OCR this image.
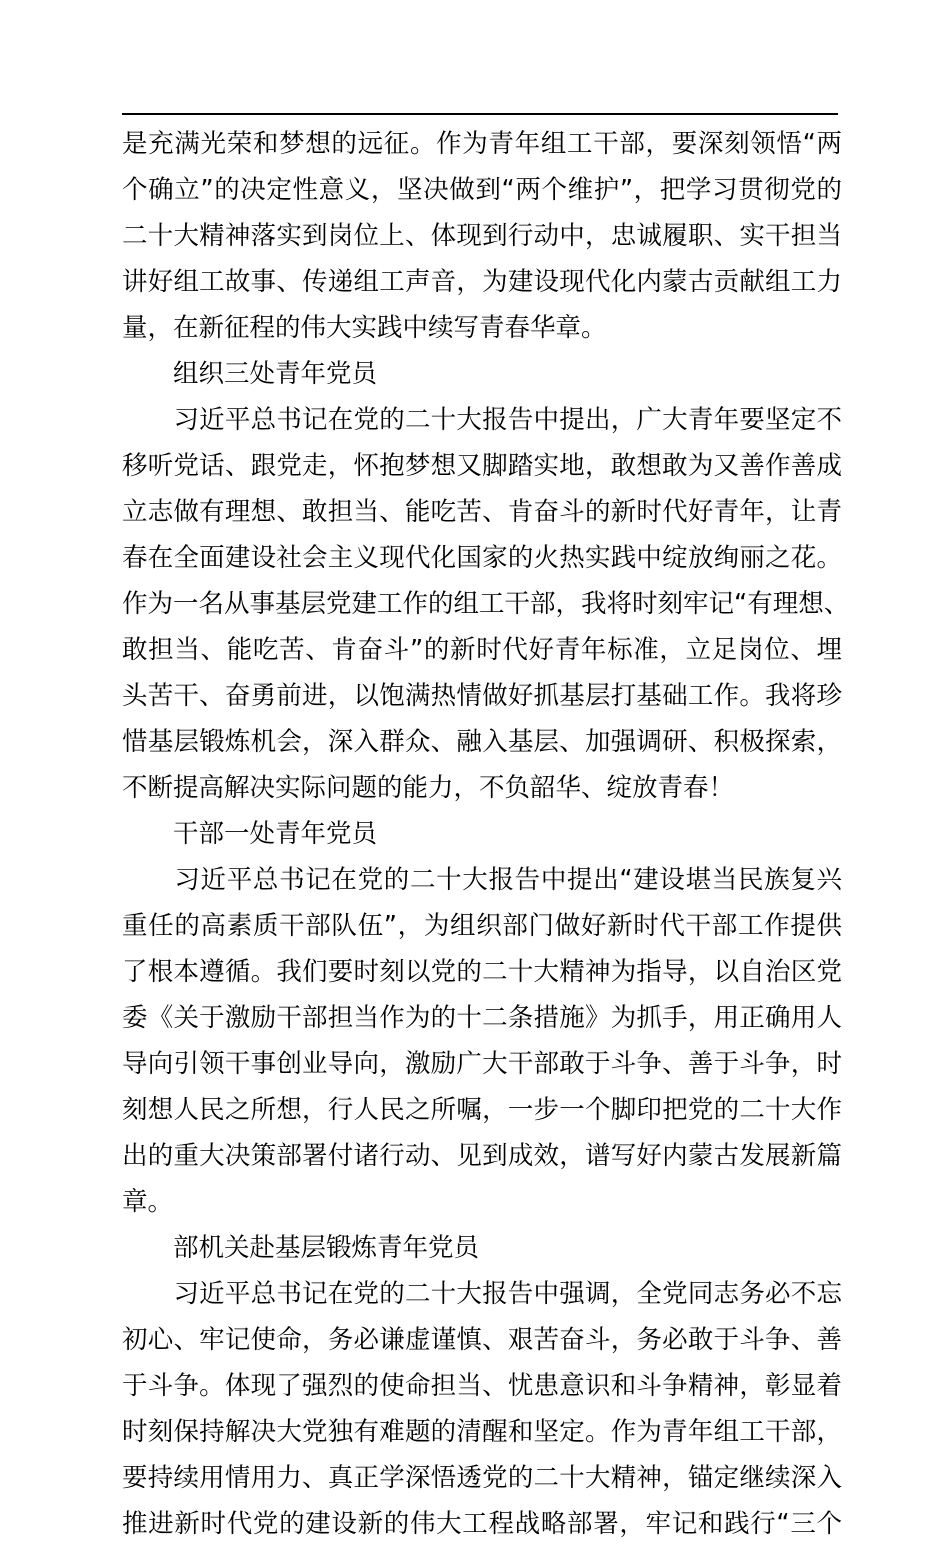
是充满光荣和梦想的远征。作为青年组工干部，要深刻领悟“两
个确立”的决定性意义，坚决做到“两个维护”，把学习贯彻党的
二十大精神落实到岗位上、体现到行动中，忠诚履职、实干担当
讲好组工故事、传递组工声音，为建设现代化内蒙古贡献组工力
量，在新征程的伟大实践中续写青春华章。
组织三处青年党员
　　习近平总书记在党的二十大报告中提出，广大青年要坚定不
移听党话、跟党走，怀抱梦想又脚踏实地，敢想敢为又善作善成
立志做有理想、敢担当、能吃苦、肯奋斗的新时代好青年，让青
春在全面建设社会主义现代化国家的火热实践中绽放绚丽之花。
作为一名从事基层党建工作的组工干部，我将时刻牢记“有理想、
敢担当、能吃苦、肯奋斗”的新时代好青年标准，立足岗位、埋
头苦干、奋勇前进，以饱满热情做好抓基层打基础工作。我将珍
惜基层锻炼机会，深入群众、融入基层、加强调研、积极探索，
不断提高解决实际问题的能力，不负韶华、绽放青春！
干部一处青年党员
　　习近平总书记在党的二十大报告中提出“建设堪当民族复兴
重任的高素质干部队伍”，为组织部门做好新时代干部工作提供
了根本遵循。我们要时刻以党的二十大精神为指导，以自治区党
委《关于激励干部担当作为的十二条措施》为抓手，用正确用人
导向引领干事创业导向，激励广大干部敢于斗争、善于斗争，时
刻想人民之所想，行人民之所嘱，一步一个脚印把党的二十大作
出的重大决策部署付诸行动、见到成效，谱写好内蒙古发展新篇
章。
部机关赴基层锻炼青年党员
　　习近平总书记在党的二十大报告中强调，全党同志务必不忘
初心、牢记使命，务必谦虚谨慎、艰苦奋斗，务必敢于斗争、善
于斗争。体现了强烈的使命担当、忧患意识和斗争精神，彰显着
时刻保持解决大党独有难题的清醒和坚定。作为青年组工干部，
要持续用情用力、真正学深悟透党的二十大精神，锚定继续深入
推进新时代党的建设新的伟大工程战略部署，牢记和践行“三个
